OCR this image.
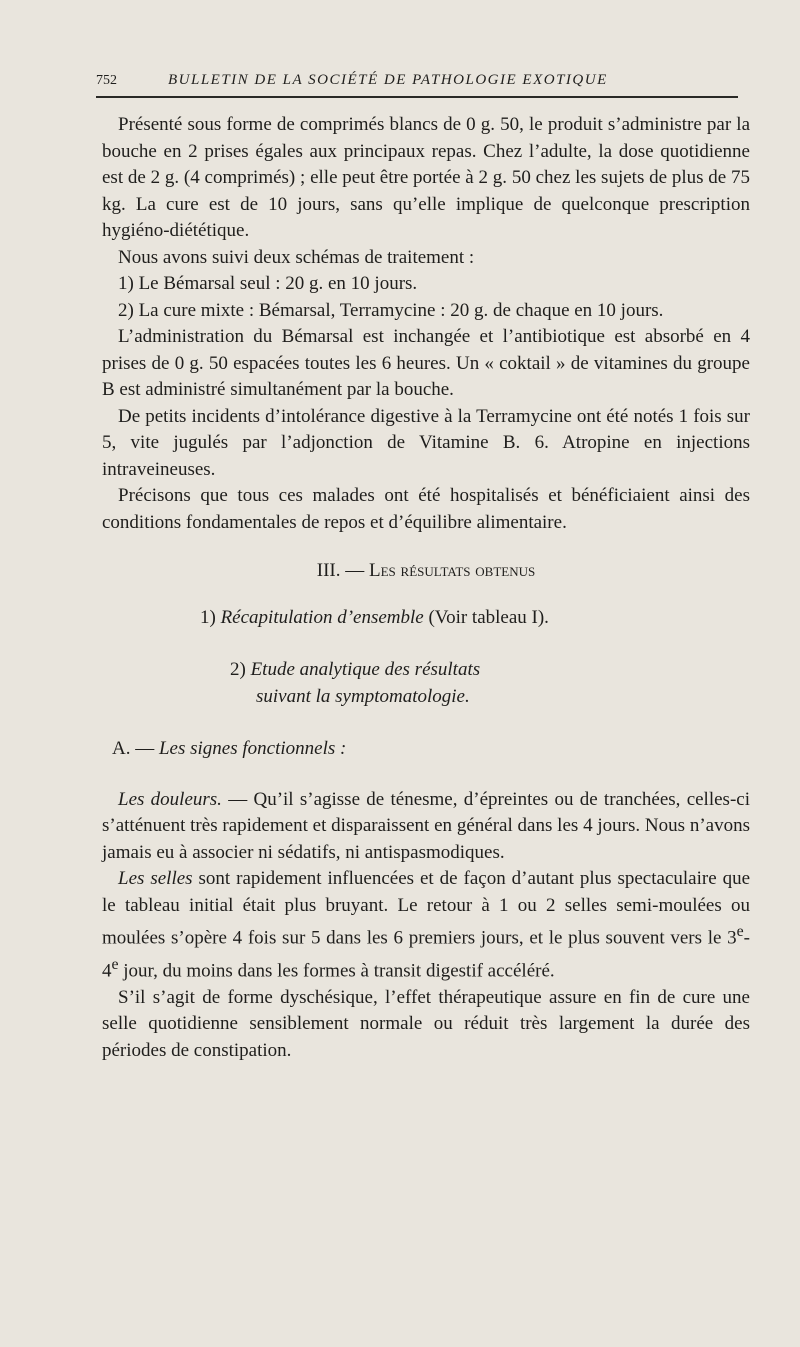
752	BULLETIN DE LA SOCIÉTÉ DE PATHOLOGIE EXOTIQUE

Présenté sous forme de comprimés blancs de 0 g. 50, le produit s’administre par la bouche en 2 prises égales aux principaux repas. Chez l’adulte, la dose quotidienne est de 2 g. (4 comprimés) ; elle peut être portée à 2 g. 50 chez les sujets de plus de 75 kg. La cure est de 10 jours, sans qu’elle implique de quelconque prescription hygiéno-diététique.

Nous avons suivi deux schémas de traitement :

1) Le Bémarsal seul : 20 g. en 10 jours.

2) La cure mixte : Bémarsal, Terramycine : 20 g. de chaque en 10 jours.

L’administration du Bémarsal est inchangée et l’antibiotique est absorbé en 4 prises de 0 g. 50 espacées toutes les 6 heures. Un « coktail » de vitamines du groupe B est administré simultanément par la bouche.

De petits incidents d’intolérance digestive à la Terramycine ont été notés 1 fois sur 5, vite jugulés par l’adjonction de Vitamine B. 6. Atropine en injections intraveineuses.

Précisons que tous ces malades ont été hospitalisés et bénéficiaient ainsi des conditions fondamentales de repos et d’équilibre alimentaire.

III. — Les résultats obtenus

1) Récapitulation d’ensemble (Voir tableau I).

2) Etude analytique des résultats
suivant la symptomatologie.

A. — Les signes fonctionnels :

Les douleurs. — Qu’il s’agisse de ténesme, d’épreintes ou de tranchées, celles-ci s’atténuent très rapidement et disparaissent en général dans les 4 jours. Nous n’avons jamais eu à associer ni sédatifs, ni antispasmodiques.

Les selles sont rapidement influencées et de façon d’autant plus spectaculaire que le tableau initial était plus bruyant. Le retour à 1 ou 2 selles semi-moulées ou moulées s’opère 4 fois sur 5 dans les 6 premiers jours, et le plus souvent vers le 3e-4e jour, du moins dans les formes à transit digestif accéléré.

S’il s’agit de forme dyschésique, l’effet thérapeutique assure en fin de cure une selle quotidienne sensiblement normale ou réduit très largement la durée des périodes de constipation.
